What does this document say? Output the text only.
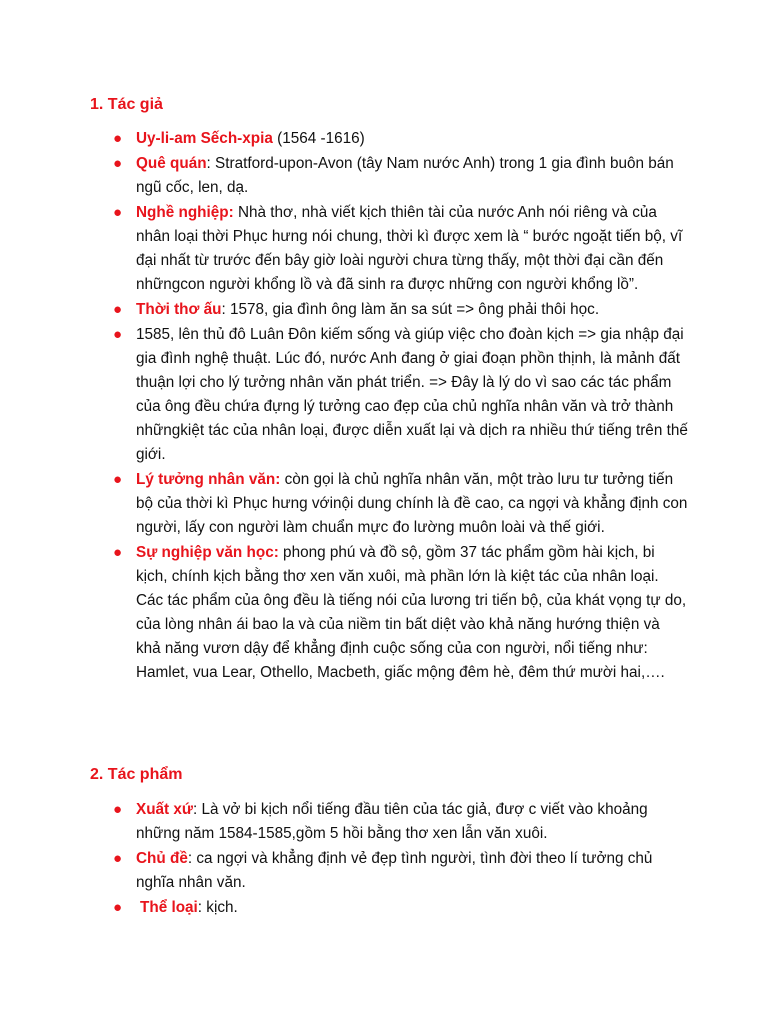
1. Tác giả
● Uy-li-am Sếch-xpia (1564 -1616)
● Quê quán: Stratford-upon-Avon (tây Nam nước Anh) trong 1 gia đình buôn bán ngũ cốc, len, dạ.
● Nghề nghiệp: Nhà thơ, nhà viết kịch thiên tài của nước Anh nói riêng và của nhân loại thời Phục hưng nói chung, thời kì được xem là “ bước ngoặt tiến bộ, vĩ đại nhất từ trước đến bây giờ loài người chưa từng thấy, một thời đại cần đến nhữngcon người khổng lồ và đã sinh ra được những con người khổng lồ”.
● Thời thơ ấu: 1578, gia đình ông làm ăn sa sút => ông phải thôi học.
● 1585, lên thủ đô Luân Đôn kiếm sống và giúp việc cho đoàn kịch => gia nhập đại gia đình nghệ thuật. Lúc đó, nước Anh đang ở giai đoạn phồn thịnh, là mảnh đất thuận lợi cho lý tưởng nhân văn phát triển. => Đây là lý do vì sao các tác phẩm của ông đều chứa đựng lý tưởng cao đẹp của chủ nghĩa nhân văn và trở thành nhữngkiệt tác của nhân loại, được diễn xuất lại và dịch ra nhiều thứ tiếng trên thế giới.
● Lý tưởng nhân văn: còn gọi là chủ nghĩa nhân văn, một trào lưu tư tưởng tiến bộ của thời kì Phục hưng vớinội dung chính là đề cao, ca ngợi và khẳng định con người, lấy con người làm chuẩn mực đo lường muôn loài và thế giới.
● Sự nghiệp văn học: phong phú và đồ sộ, gồm 37 tác phẩm gồm hài kịch, bi kịch, chính kịch bằng thơ xen văn xuôi, mà phần lớn là kiệt tác của nhân loại. Các tác phẩm của ông đều là tiếng nói của lương tri tiến bộ, của khát vọng tự do, của lòng nhân ái bao la và của niềm tin bất diệt vào khả năng hướng thiện và khả năng vươn dậy để khẳng định cuộc sống của con người, nổi tiếng như: Hamlet, vua Lear, Othello, Macbeth, giấc mộng đêm hè, đêm thứ mười hai,….
2. Tác phẩm
● Xuất xứ: Là vở bi kịch nổi tiếng đầu tiên của tác giả, đượ c viết vào khoảng những năm 1584-1585,gồm 5 hồi bằng thơ xen lẫn văn xuôi.
● Chủ đề: ca ngợi và khẳng định vẻ đẹp tình người, tình đời theo lí tưởng chủ nghĩa nhân văn.
● Thể loại: kịch.
